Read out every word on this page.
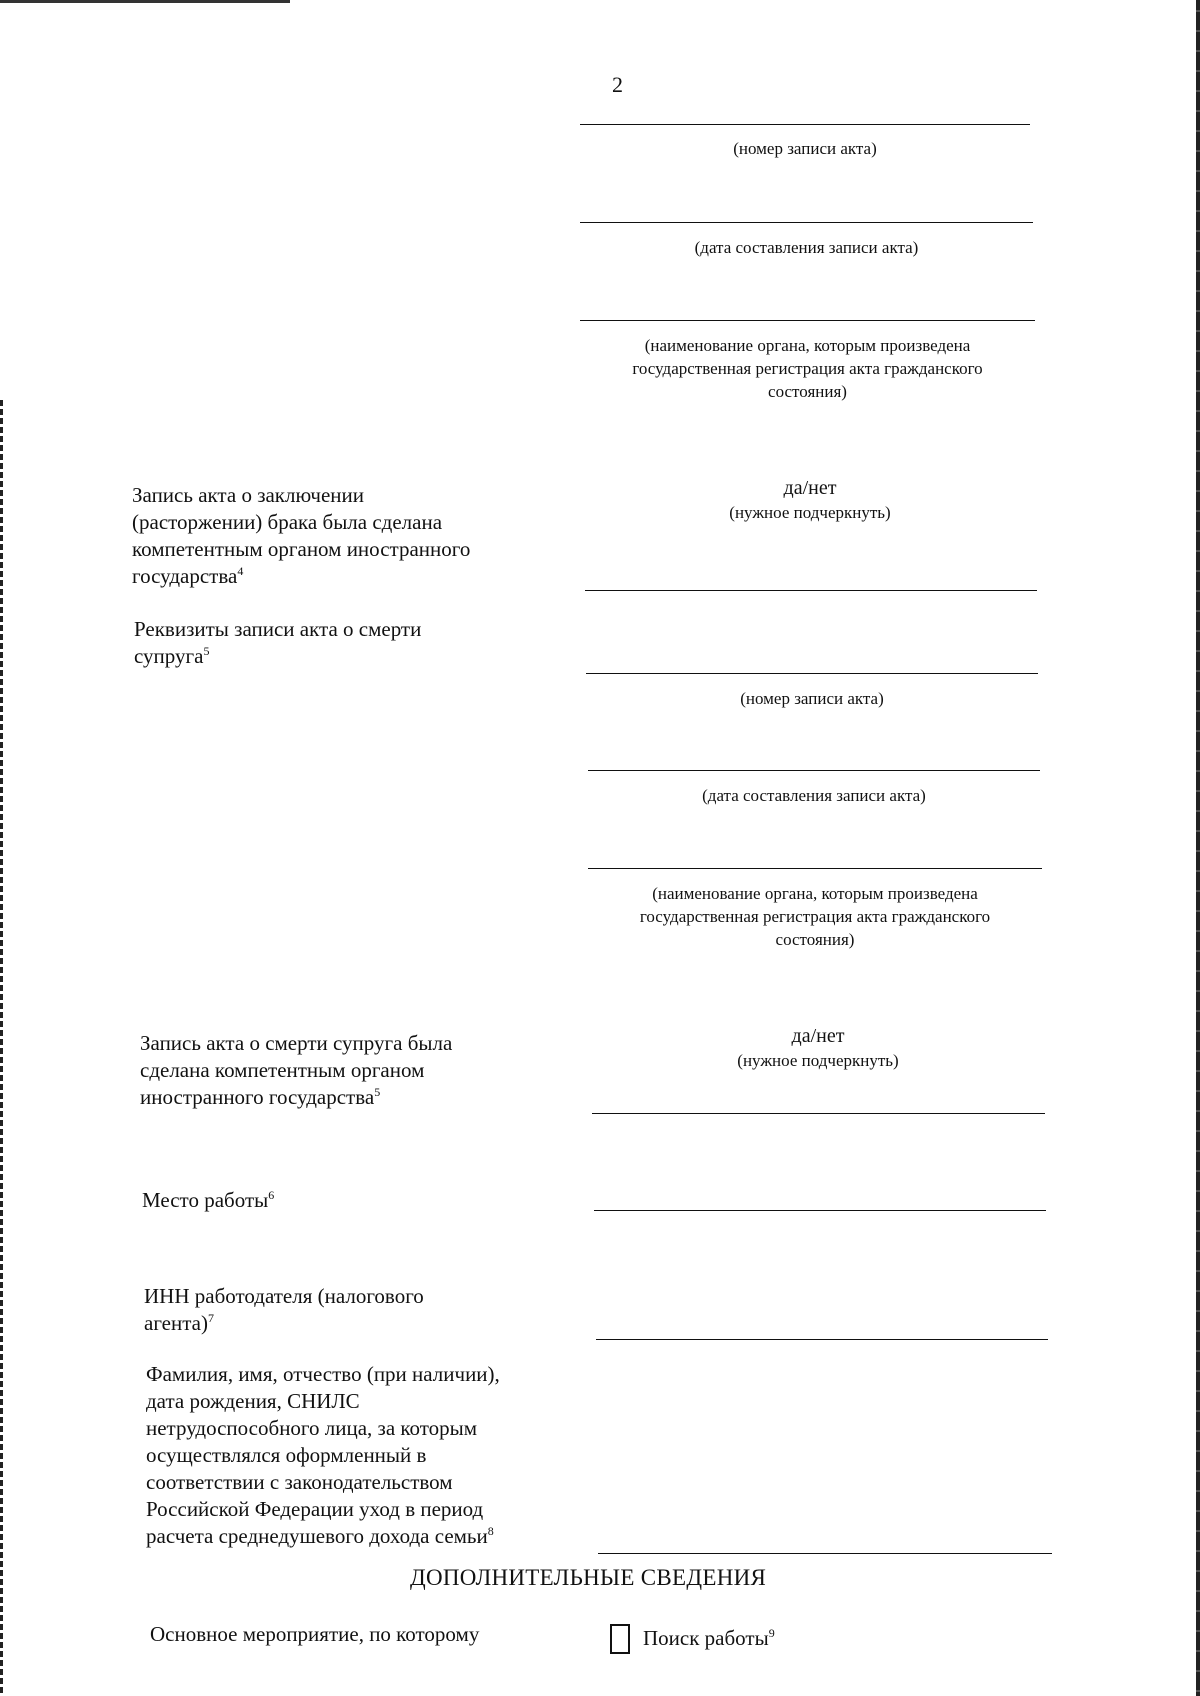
2
(номер записи акта)
(дата составления записи акта)
(наименование органа, которым произведена
государственная регистрация акта гражданского
состояния)
Запись акта о заключении
(расторжении) брака была сделана
компетентным органом иностранного
государства$^4$
да/нет
(нужное подчеркнуть)
Реквизиты записи акта о смерти
супруга$^5$
(номер записи акта)
(дата составления записи акта)
(наименование органа, которым произведена
государственная регистрация акта гражданского
состояния)
Запись акта о смерти супруга была
сделана компетентным органом
иностранного государства$^5$
да/нет
(нужное подчеркнуть)
Место работы$^6$
ИНН работодателя (налогового
агента)$^7$
Фамилия, имя, отчество (при наличии),
дата рождения, СНИЛС
нетрудоспособного лица, за которым
осуществлялся оформленный в
соответствии с законодательством
Российской Федерации уход в период
расчета среднедушевого дохода семьи$^8$
ДОПОЛНИТЕЛЬНЫЕ СВЕДЕНИЯ
Основное мероприятие, по которому	Поиск работы$^9$
